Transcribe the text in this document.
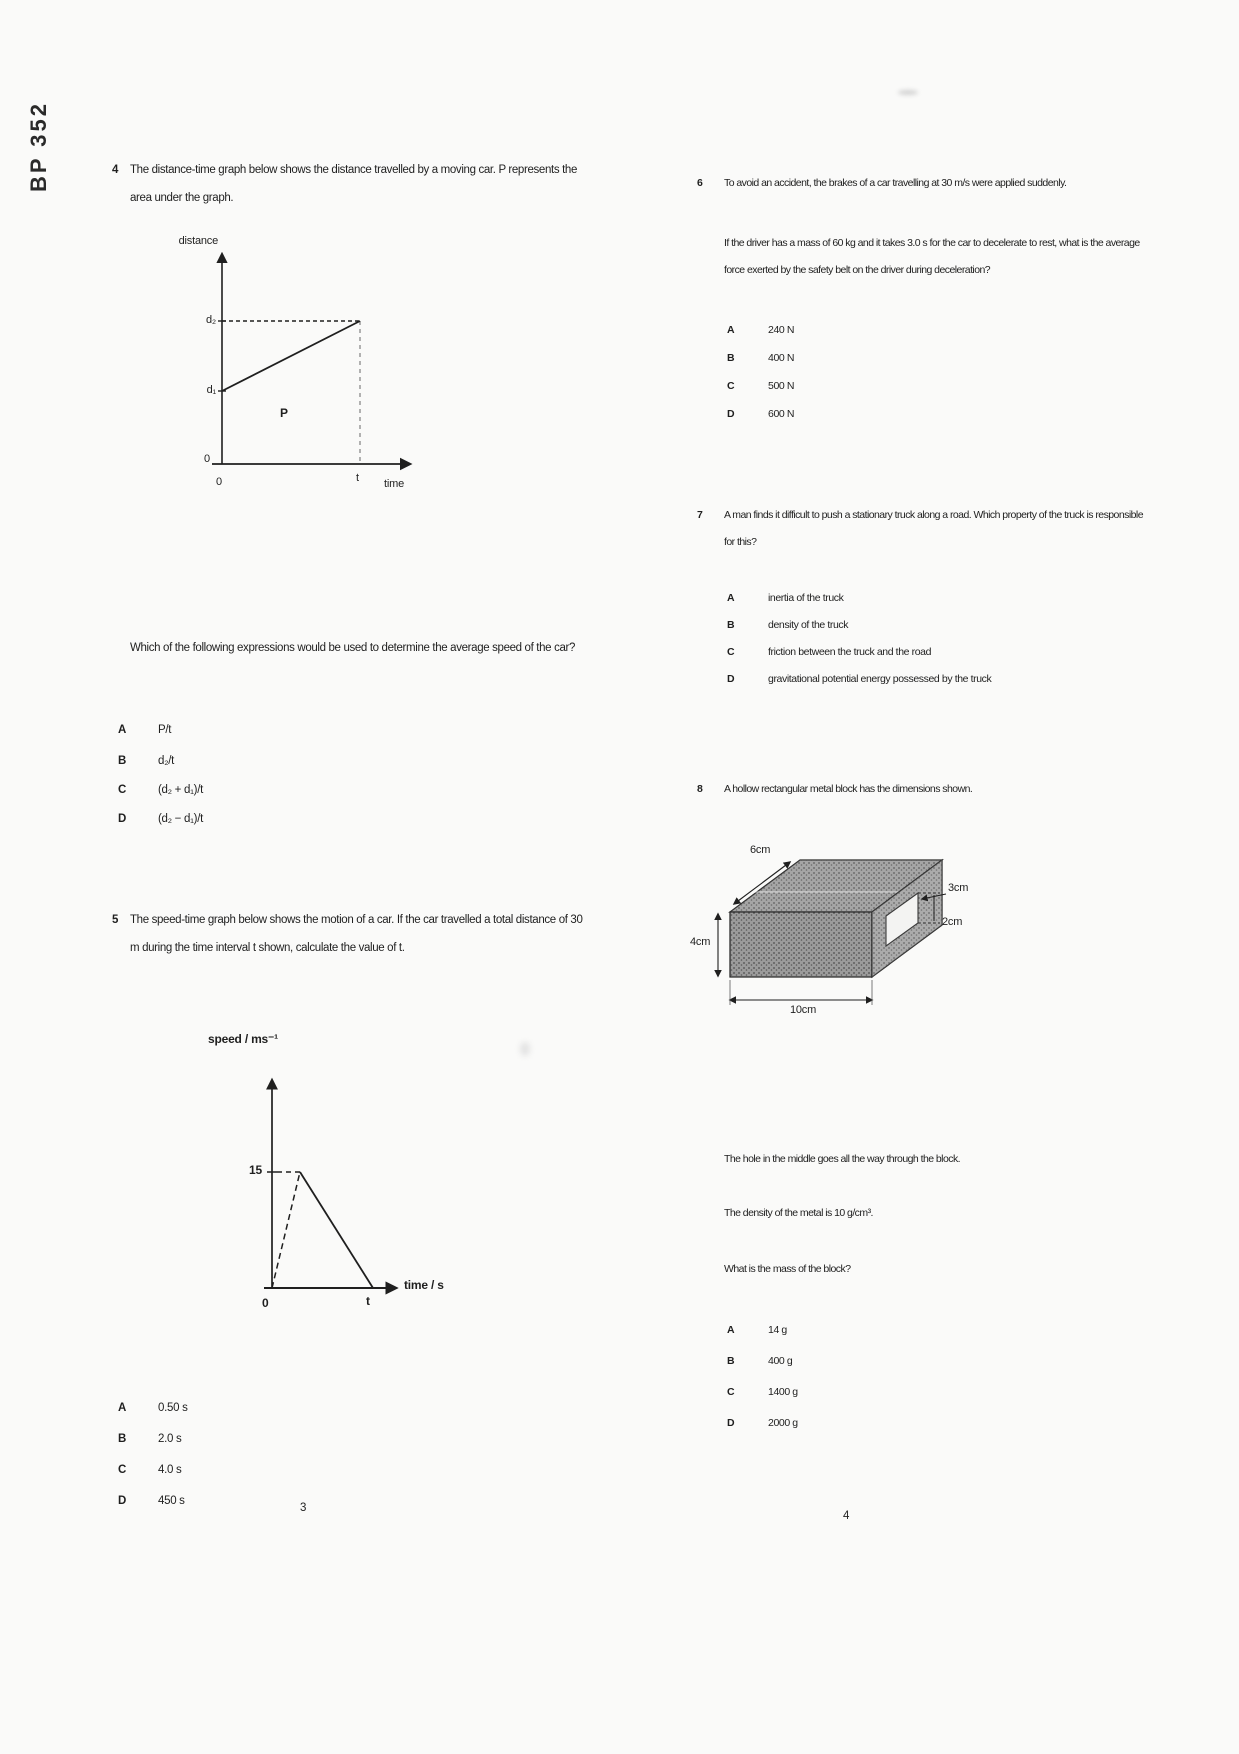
BP 352	4	The distance-time graph below shows the distance travelled by a moving car. P represents the area under the graph.
distance
d₂
d₁
0
0
P
t time
Which of the following expressions would be used to determine the average speed of the car?
A	P/t
B	d₂/t
C	(d₂ + d₁)/t
D	(d₂ − d₁)/t
5	The speed-time graph below shows the motion of a car. If the car travelled a total distance of 30 m during the time interval t shown, calculate the value of t.
speed / ms⁻¹
15
0	t
time / s
A	0.50 s
B	2.0 s
C	4.0 s
D	450 s
3
6	To avoid an accident, the brakes of a car travelling at 30 m/s were applied suddenly.
If the driver has a mass of 60 kg and it takes 3.0 s for the car to decelerate to rest, what is the average force exerted by the safety belt on the driver during deceleration?
A	240 N
B	400 N
C	500 N
D	600 N
7	A man finds it difficult to push a stationary truck along a road. Which property of the truck is responsible for this?
A	inertia of the truck
B	density of the truck
C	friction between the truck and the road
D	gravitational potential energy possessed by the truck
8	A hollow rectangular metal block has the dimensions shown.
6cm
4cm
3cm
2cm
10cm
The hole in the middle goes all the way through the block.
The density of the metal is 10 g/cm³.
What is the mass of the block?
A	14 g
B	400 g
C	1400 g
D	2000 g
4
